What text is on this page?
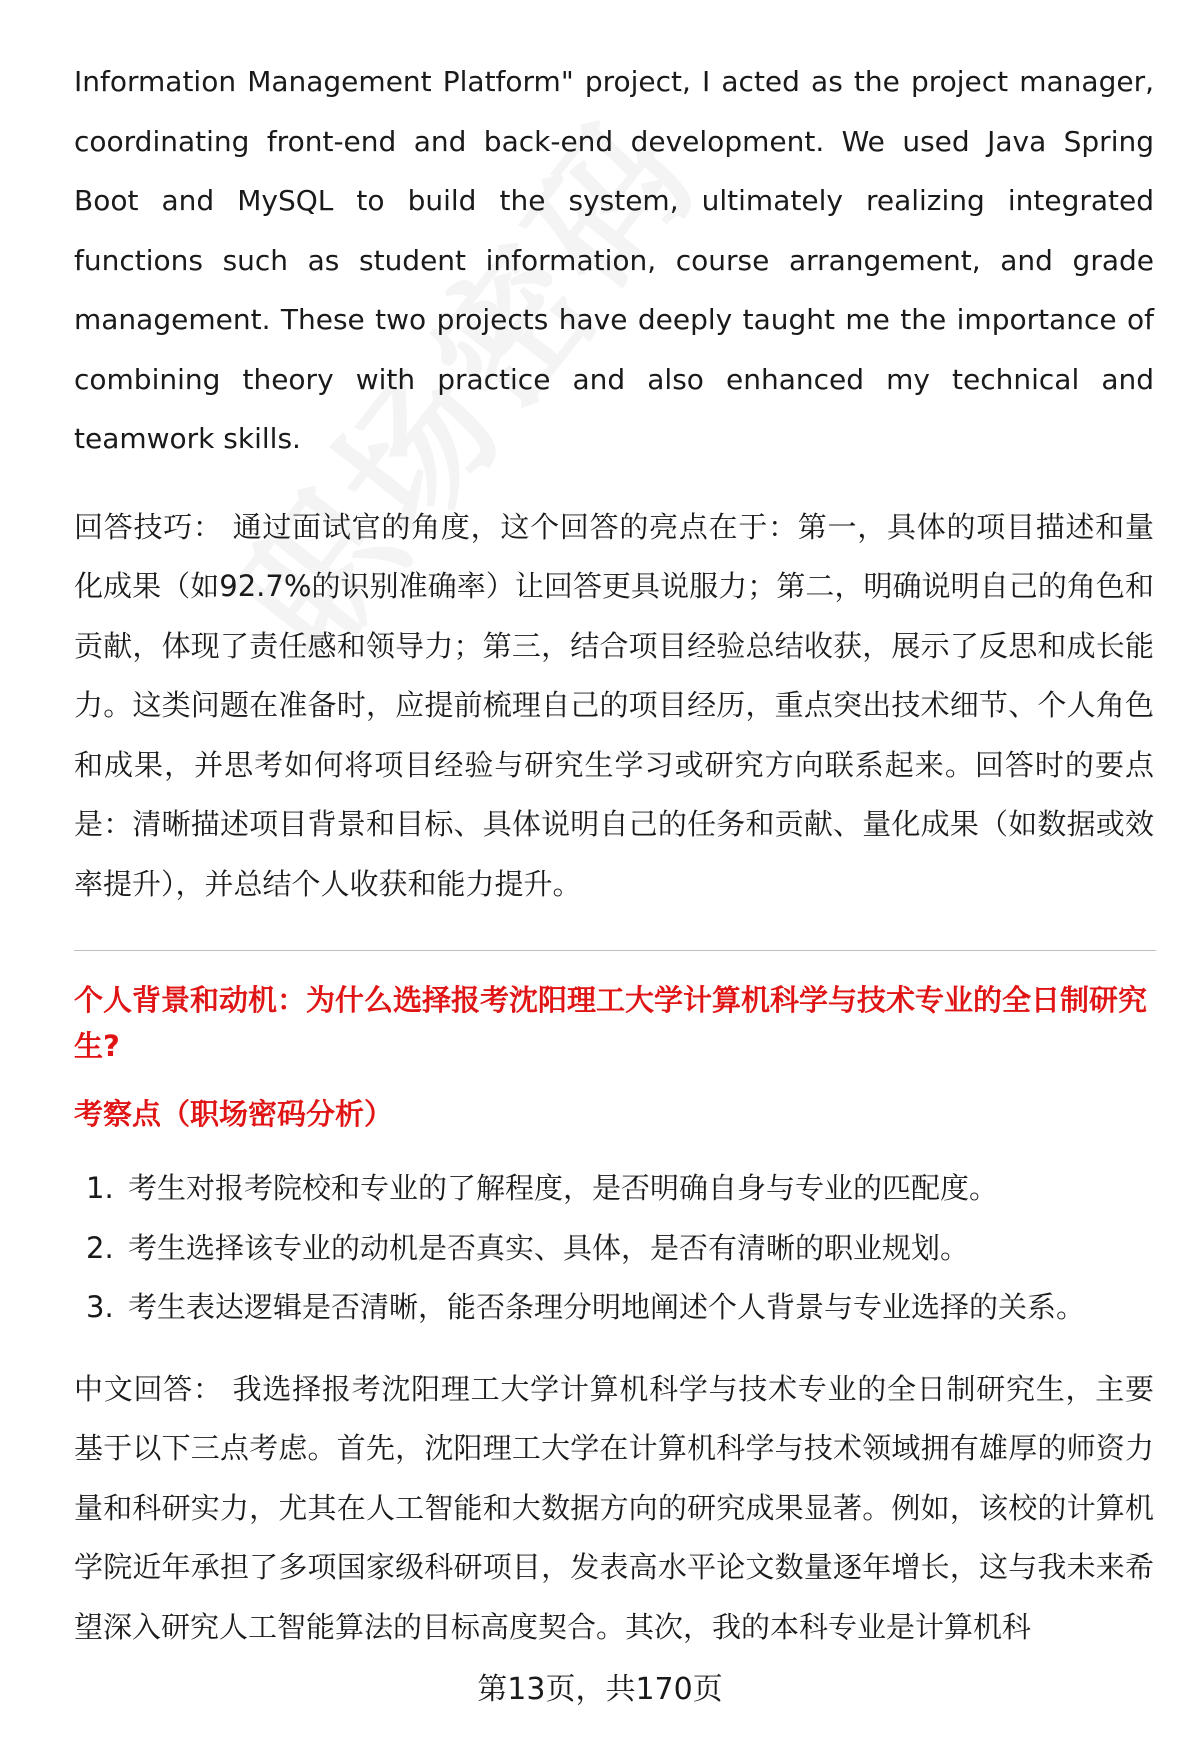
Information Management Platform" project, I acted as the project manager, coordinating front-end and back-end development. We used Java Spring Boot and MySQL to build the system, ultimately realizing integrated functions such as student information, course arrangement, and grade management. These two projects have deeply taught me the importance of combining theory with practice and also enhanced my technical and teamwork skills.

回答技巧： 通过面试官的角度，这个回答的亮点在于：第一，具体的项目描述和量化成果（如92.7%的识别准确率）让回答更具说服力；第二，明确说明自己的角色和贡献，体现了责任感和领导力；第三，结合项目经验总结收获，展示了反思和成长能力。这类问题在准备时，应提前梳理自己的项目经历，重点突出技术细节、个人角色和成果，并思考如何将项目经验与研究生学习或研究方向联系起来。回答时的要点是：清晰描述项目背景和目标、具体说明自己的任务和贡献、量化成果（如数据或效率提升），并总结个人收获和能力提升。

个人背景和动机：为什么选择报考沈阳理工大学计算机科学与技术专业的全日制研究生?
考察点（职场密码分析）
1. 考生对报考院校和专业的了解程度，是否明确自身与专业的匹配度。
2. 考生选择该专业的动机是否真实、具体，是否有清晰的职业规划。
3. 考生表达逻辑是否清晰，能否条理分明地阐述个人背景与专业选择的关系。

中文回答： 我选择报考沈阳理工大学计算机科学与技术专业的全日制研究生，主要基于以下三点考虑。首先，沈阳理工大学在计算机科学与技术领域拥有雄厚的师资力量和科研实力，尤其在人工智能和大数据方向的研究成果显著。例如，该校的计算机学院近年承担了多项国家级科研项目，发表高水平论文数量逐年增长，这与我未来希望深入研究人工智能算法的目标高度契合。其次，我的本科专业是计算机科

第13页，共170页
